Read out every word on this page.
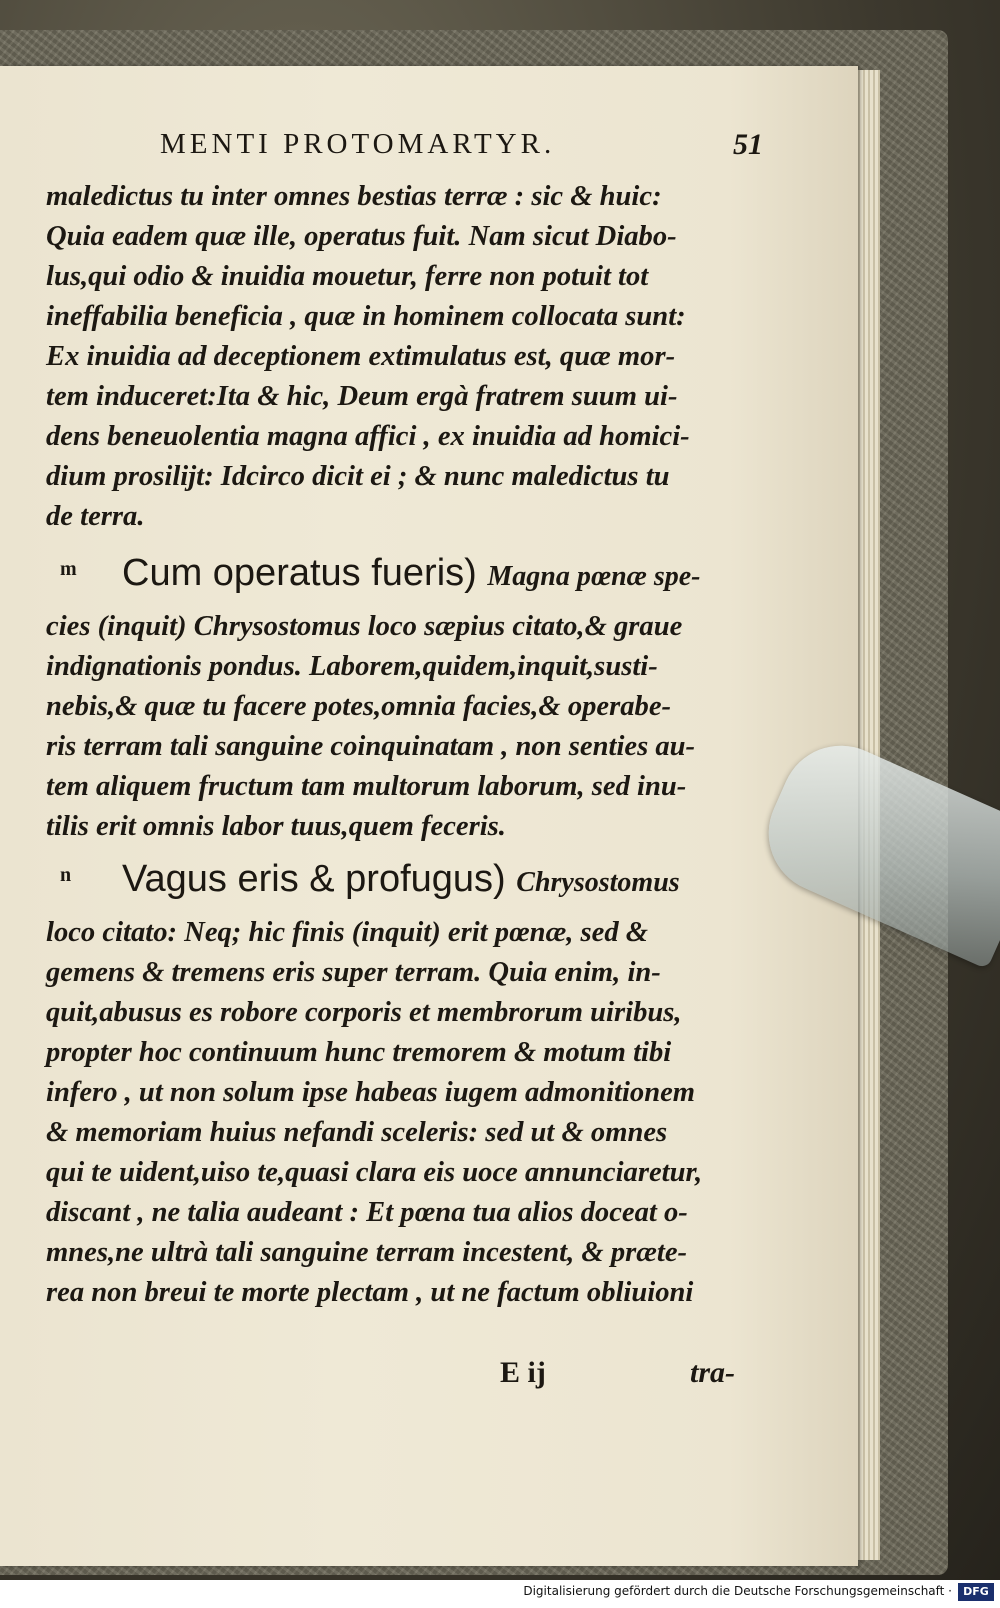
MENTI PROTOMARTYR.	51
maledictus tu inter omnes bestias terræ : sic & huic:
Quia eadem quæ ille, operatus fuit. Nam sicut Diabo-
lus,qui odio & inuidia mouetur, ferre non potuit tot
ineffabilia beneficia , quæ in hominem collocata sunt:
Ex inuidia ad deceptionem extimulatus est, quæ mor-
tem induceret:Ita & hic, Deum ergà fratrem suum ui-
dens beneuolentia magna affici , ex inuidia ad homici-
dium prosilijt: Idcirco dicit ei ; & nunc maledictus tu
de terra.
m Cum operatus fueris) Magna pœnæ spe-
cies (inquit) Chrysostomus loco sæpius citato,& graue
indignationis pondus. Laborem,quidem,inquit,susti-
nebis,& quæ tu facere potes,omnia facies,& operabe-
ris terram tali sanguine coinquinatam , non senties au-
tem aliquem fructum tam multorum laborum, sed inu-
tilis erit omnis labor tuus,quem feceris.
n Vagus eris & profugus) Chrysostomus
loco citato: Neq; hic finis (inquit) erit pœnæ, sed &
gemens & tremens eris super terram. Quia enim, in-
quit,abusus es robore corporis et membrorum uiribus,
propter hoc continuum hunc tremorem & motum tibi
infero , ut non solum ipse habeas iugem admonitionem
& memoriam huius nefandi sceleris: sed ut & omnes
qui te uident,uiso te,quasi clara eis uoce annunciaretur,
discant , ne talia audeant : Et pœna tua alios doceat o-
mnes,ne ultrà tali sanguine terram incestent, & præte-
rea non breui te morte plectam , ut ne factum obliuioni
E ij	tra-
Digitalisierung gefördert durch die Deutsche Forschungsgemeinschaft ·	DFG
